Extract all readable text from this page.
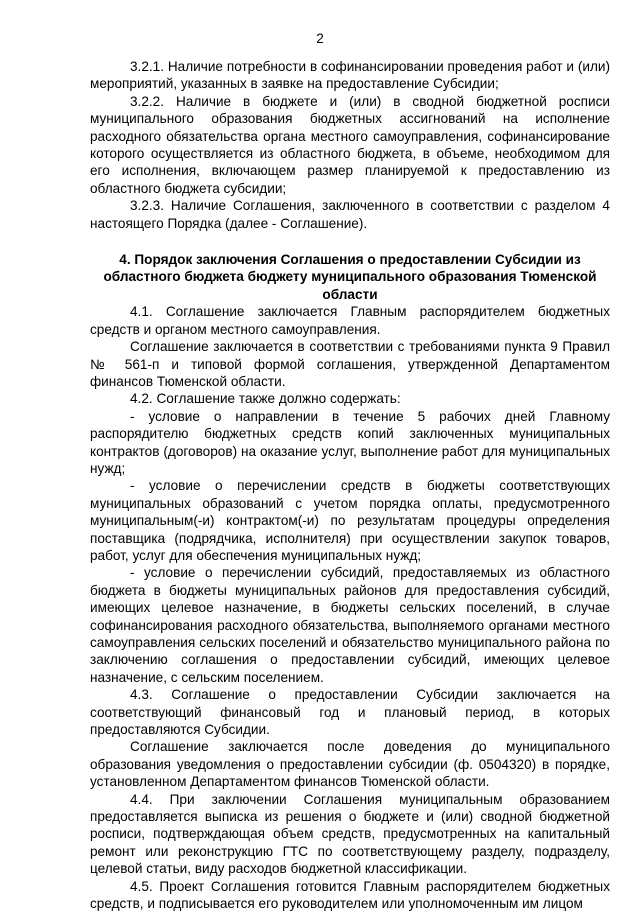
2

3.2.1. Наличие потребности в софинансировании проведения работ и (или) мероприятий, указанных в заявке на предоставление Субсидии;

3.2.2. Наличие в бюджете и (или) в сводной бюджетной росписи муниципального образования бюджетных ассигнований на исполнение расходного обязательства органа местного самоуправления, софинансирование которого осуществляется из областного бюджета, в объеме, необходимом для его исполнения, включающем размер планируемой к предоставлению из областного бюджета субсидии;

3.2.3. Наличие Соглашения, заключенного в соответствии с разделом 4 настоящего Порядка (далее - Соглашение).

4. Порядок заключения Соглашения о предоставлении Субсидии из областного бюджета бюджету муниципального образования Тюменской области

4.1. Соглашение заключается Главным распорядителем бюджетных средств и органом местного самоуправления.

Соглашение заключается в соответствии с требованиями пункта 9 Правил № 561-п и типовой формой соглашения, утвержденной Департаментом финансов Тюменской области.

4.2. Соглашение также должно содержать:

- условие о направлении в течение 5 рабочих дней Главному распорядителю бюджетных средств копий заключенных муниципальных контрактов (договоров) на оказание услуг, выполнение работ для муниципальных нужд;

- условие о перечислении средств в бюджеты соответствующих муниципальных образований с учетом порядка оплаты, предусмотренного муниципальным(-и) контрактом(-и) по результатам процедуры определения поставщика (подрядчика, исполнителя) при осуществлении закупок товаров, работ, услуг для обеспечения муниципальных нужд;

- условие о перечислении субсидий, предоставляемых из областного бюджета в бюджеты муниципальных районов для предоставления субсидий, имеющих целевое назначение, в бюджеты сельских поселений, в случае софинансирования расходного обязательства, выполняемого органами местного самоуправления сельских поселений и обязательство муниципального района по заключению соглашения о предоставлении субсидий, имеющих целевое назначение, с сельским поселением.

4.3. Соглашение о предоставлении Субсидии заключается на соответствующий финансовый год и плановый период, в которых предоставляются Субсидии.

Соглашение заключается после доведения до муниципального образования уведомления о предоставлении субсидии (ф. 0504320) в порядке, установленном Департаментом финансов Тюменской области.

4.4. При заключении Соглашения муниципальным образованием предоставляется выписка из решения о бюджете и (или) сводной бюджетной росписи, подтверждающая объем средств, предусмотренных на капитальный ремонт или реконструкцию ГТС по соответствующему разделу, подразделу, целевой статьи, виду расходов бюджетной классификации.

4.5. Проект Соглашения готовится Главным распорядителем бюджетных средств, и подписывается его руководителем или уполномоченным им лицом
